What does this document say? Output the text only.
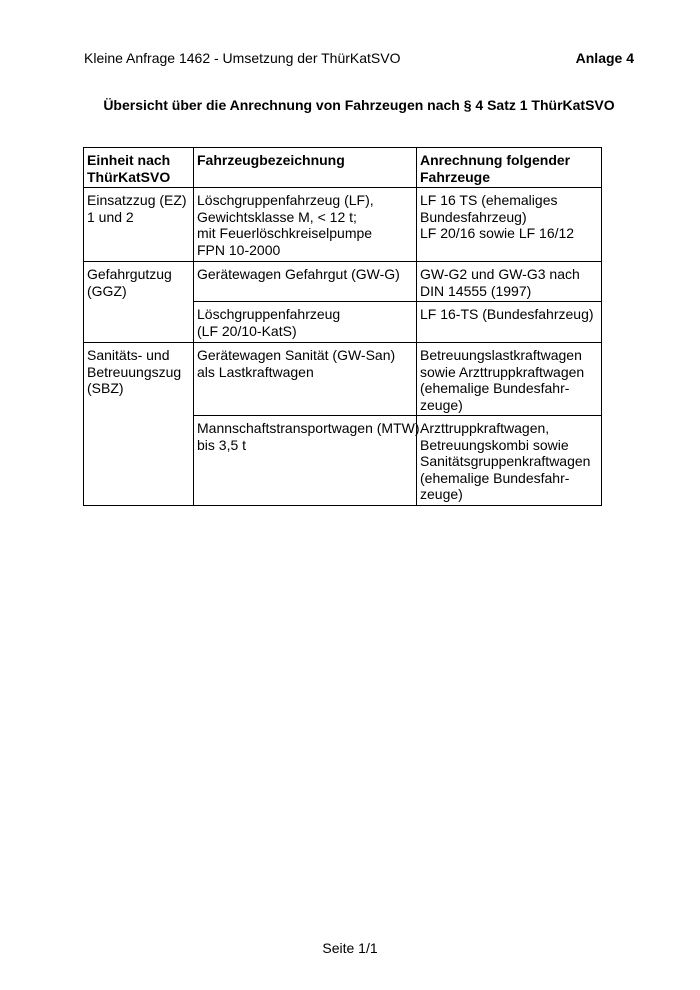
Kleine Anfrage 1462 - Umsetzung der ThürKatSVO	Anlage 4
Übersicht über die Anrechnung von Fahrzeugen nach § 4 Satz 1 ThürKatSVO
Einheit nach
ThürKatSVO	Fahrzeugbezeichnung	Anrechnung folgender
Fahrzeuge

Einsatzzug (EZ)
1 und 2	Löschgruppenfahrzeug (LF),
Gewichtsklasse M, < 12 t;
mit Feuerlöschkreiselpumpe
FPN 10-2000	LF 16 TS (ehemaliges
Bundesfahrzeug)
LF 20/16 sowie LF 16/12

Gefahrgutzug
(GGZ)	Gerätewagen Gefahrgut (GW-G)	GW-G2 und GW-G3 nach
DIN 14555 (1997)

	Löschgruppenfahrzeug
(LF 20/10-KatS)	LF 16-TS (Bundesfahrzeug)

Sanitäts- und
Betreuungszug
(SBZ)	Gerätewagen Sanität (GW-San)
als Lastkraftwagen	Betreuungslastkraftwagen
sowie Arzttruppkraftwagen
(ehemalige Bundesfahr-
zeuge)

	Mannschaftstransportwagen (MTW)
bis 3,5 t	Arzttruppkraftwagen,
Betreuungskombi sowie
Sanitätsgruppenkraftwagen
(ehemalige Bundesfahr-
zeuge)
Seite 1/1
